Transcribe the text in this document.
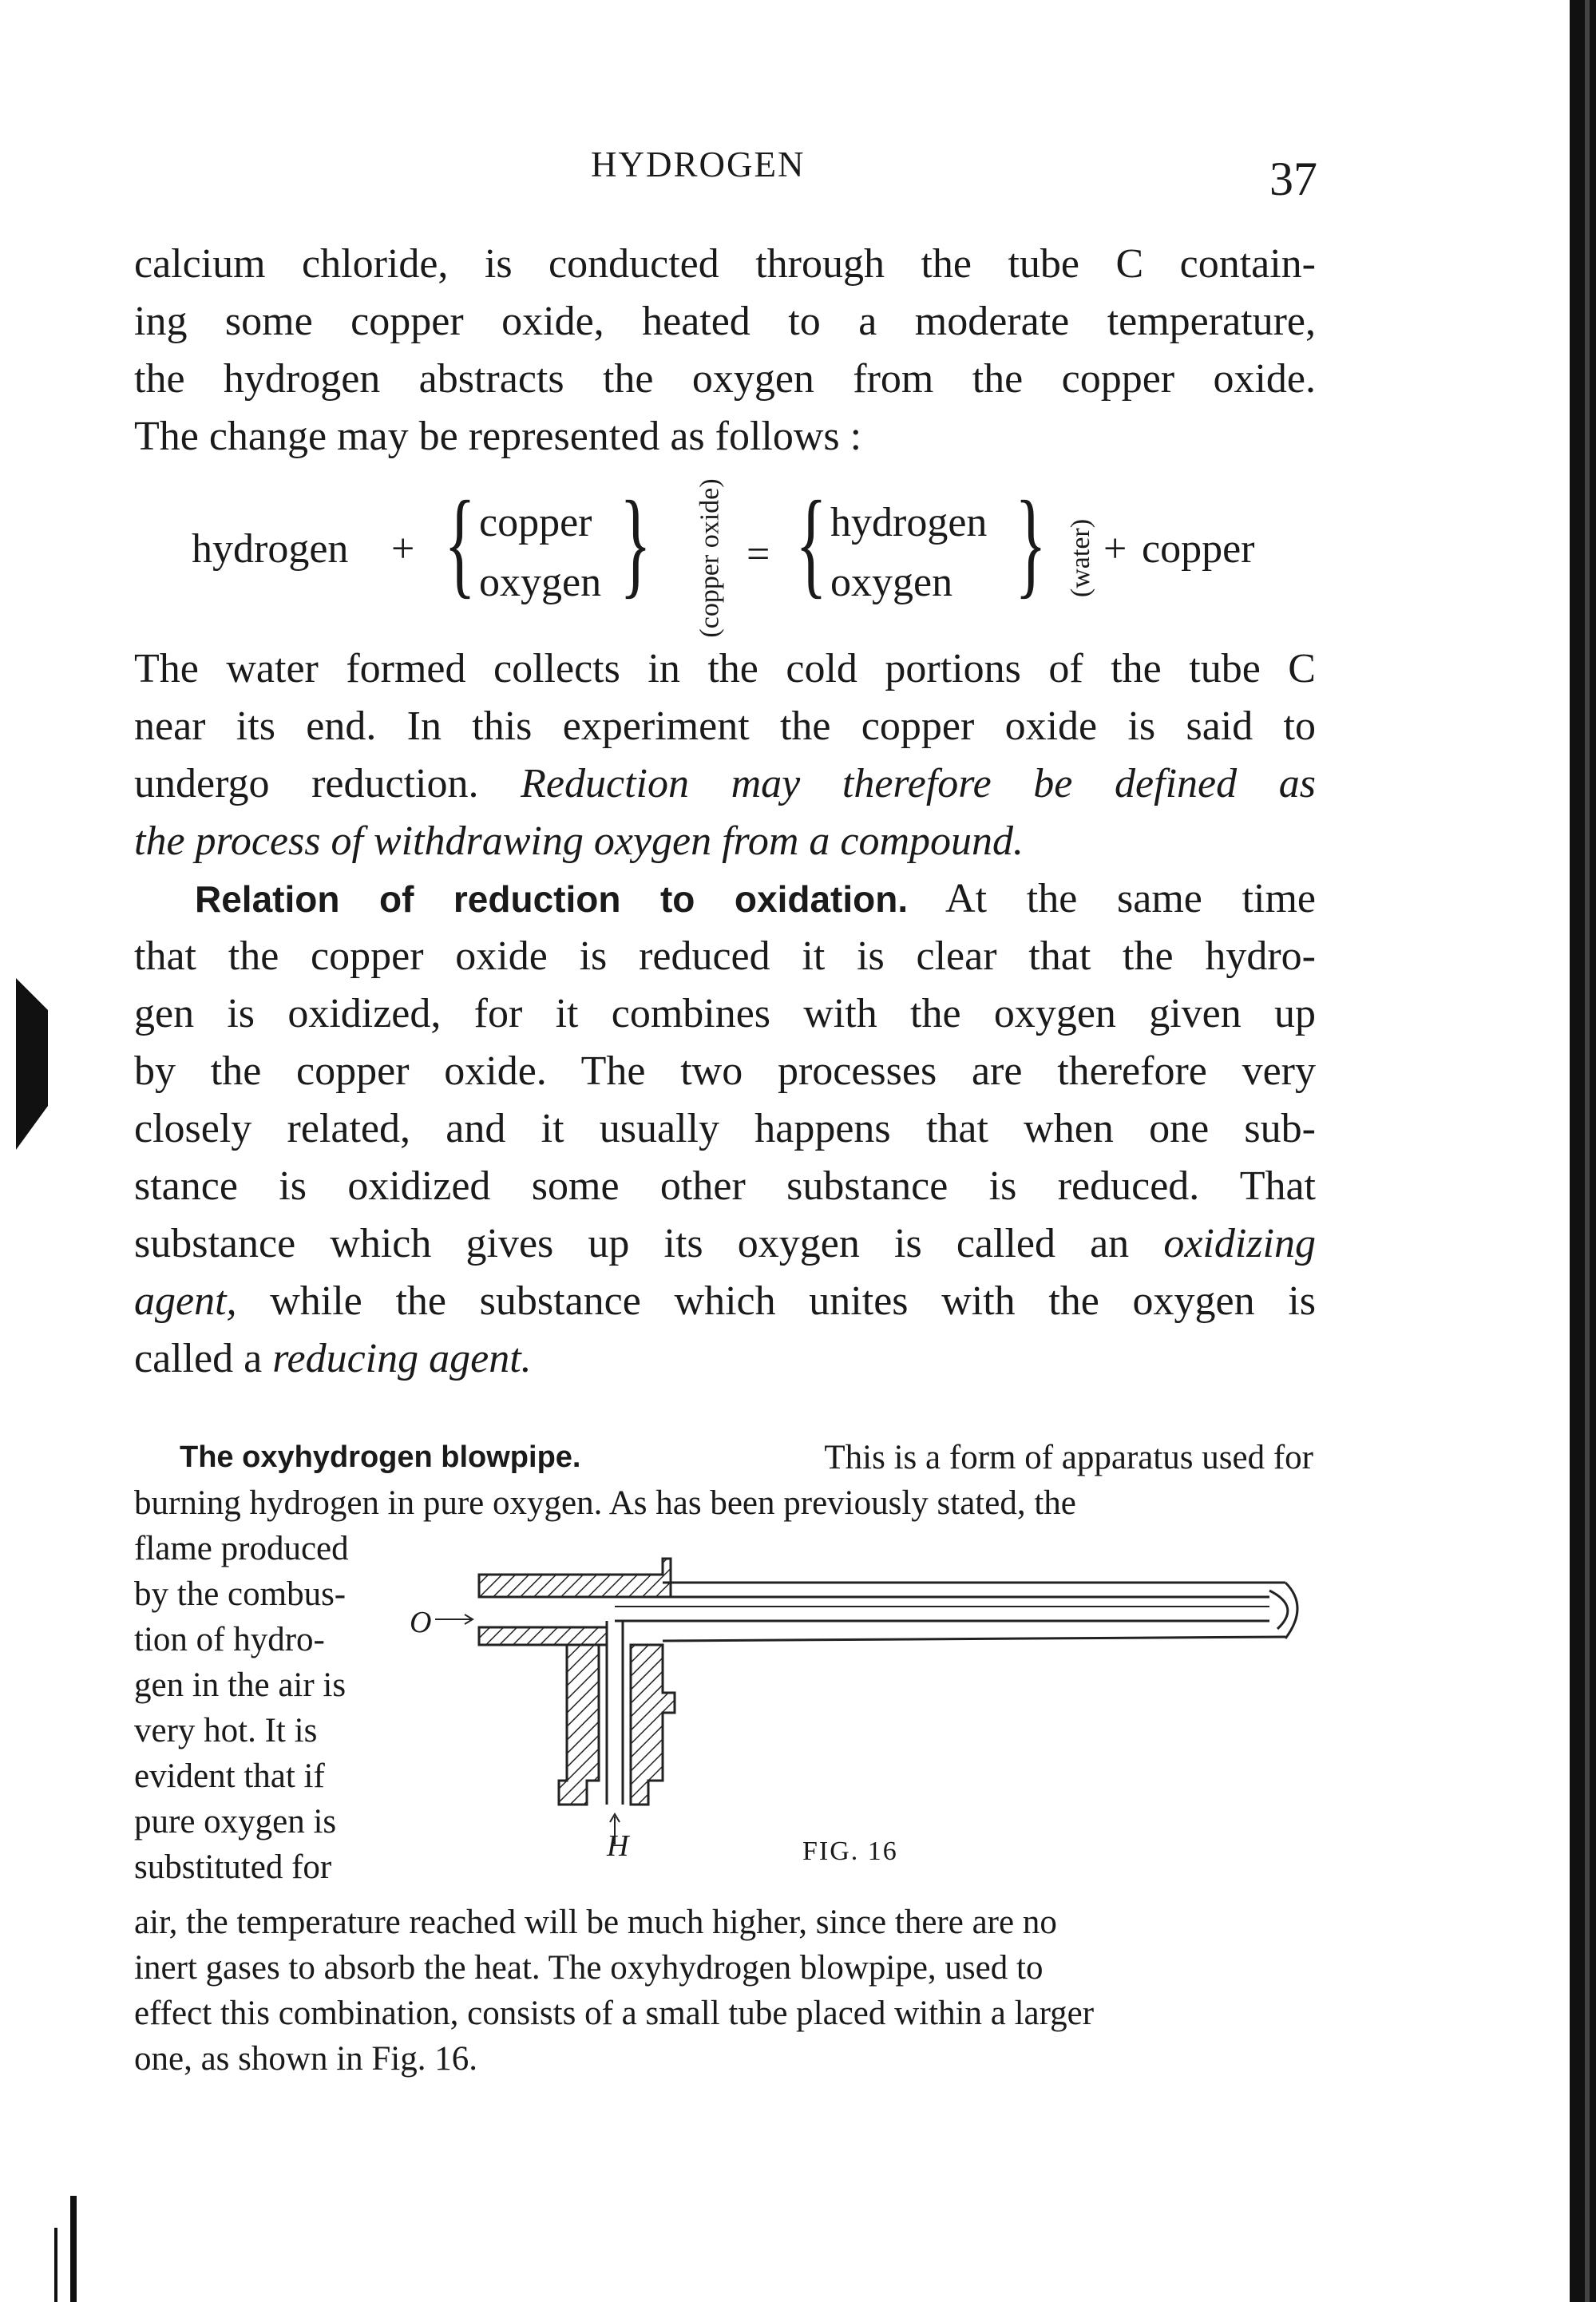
HYDROGEN	37
calcium chloride, is conducted through the tube C contain-
ing some copper oxide, heated to a moderate temperature,
the hydrogen abstracts the oxygen from the copper oxide.
The change may be represented as follows :
hydrogen + { copper
oxygen } (copper oxide) = { hydrogen
oxygen } (water) + copper
The water formed collects in the cold portions of the tube C
near its end. In this experiment the copper oxide is said to
undergo reduction. Reduction may therefore be defined as
the process of withdrawing oxygen from a compound.
Relation of reduction to oxidation. At the same time
that the copper oxide is reduced it is clear that the hydro-
gen is oxidized, for it combines with the oxygen given up
by the copper oxide. The two processes are therefore very
closely related, and it usually happens that when one sub-
stance is oxidized some other substance is reduced. That
substance which gives up its oxygen is called an oxidizing
agent, while the substance which unites with the oxygen is
called a reducing agent.
The oxyhydrogen blowpipe.	This is a form of apparatus used for
burning hydrogen in pure oxygen. As has been previously stated, the
flame produced
by the combus-
tion of hydro-
gen in the air is
very hot. It is
evident that if
pure oxygen is
substituted for
air, the temperature reached will be much higher, since there are no
inert gases to absorb the heat. The oxyhydrogen blowpipe, used to
effect this combination, consists of a small tube placed within a larger
one, as shown in Fig. 16.
O
H	FIG. 16
